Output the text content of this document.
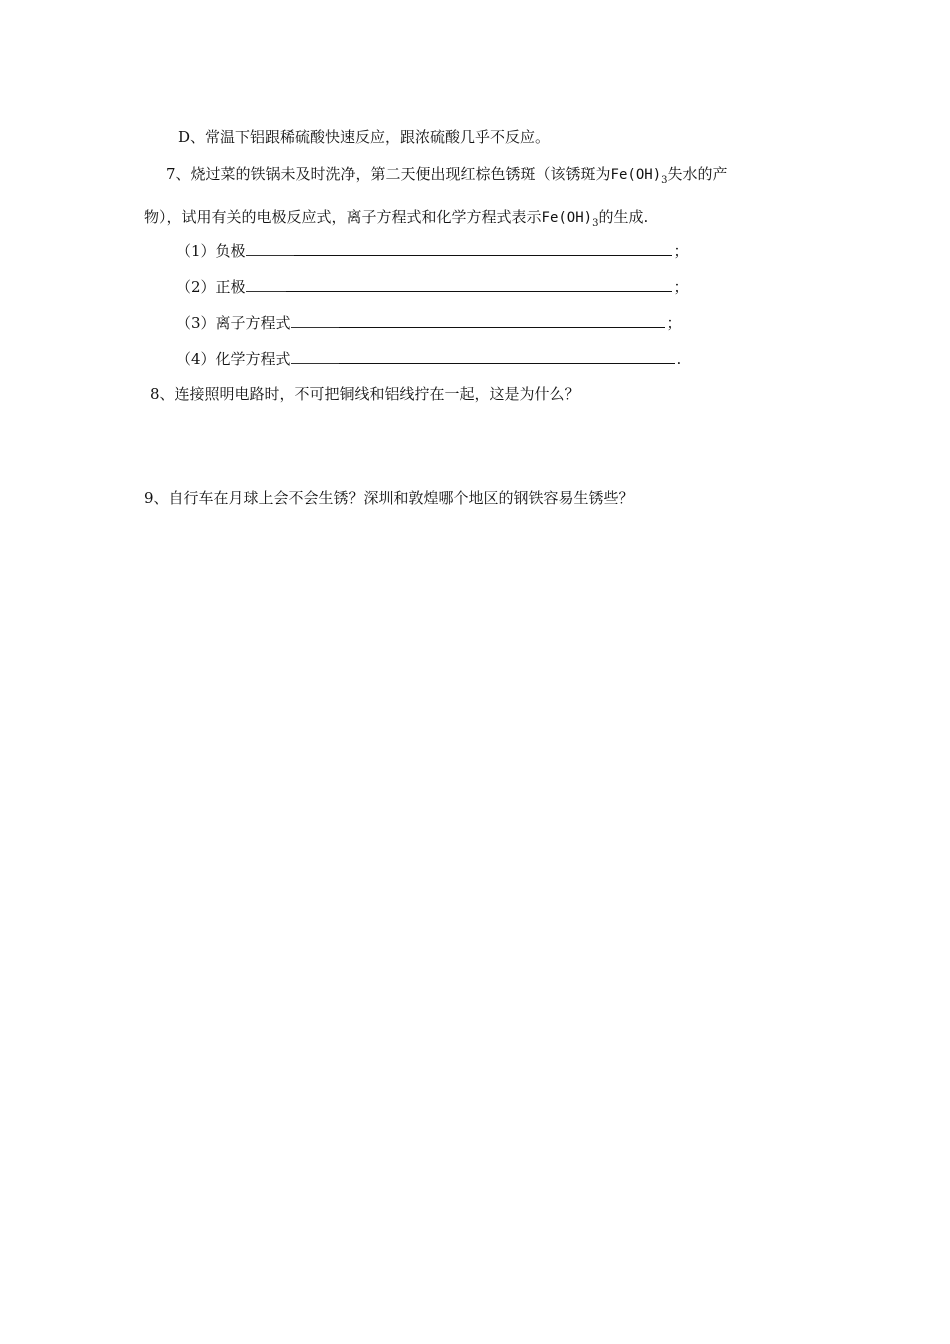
D、常温下铝跟稀硫酸快速反应，跟浓硫酸几乎不反应。
7、烧过菜的铁锅未及时洗净，第二天便出现红棕色锈斑（该锈斑为$Fe(OH)_3$失水的产
物），试用有关的电极反应式，离子方程式和化学方程式表示$Fe(OH)_3$的生成.
（1）负极	；
（2）正极	；
（3）离子方程式	；
（4）化学方程式	.
8、连接照明电路时，不可把铜线和铝线拧在一起，这是为什么？
9、自行车在月球上会不会生锈？深圳和敦煌哪个地区的钢铁容易生锈些？
